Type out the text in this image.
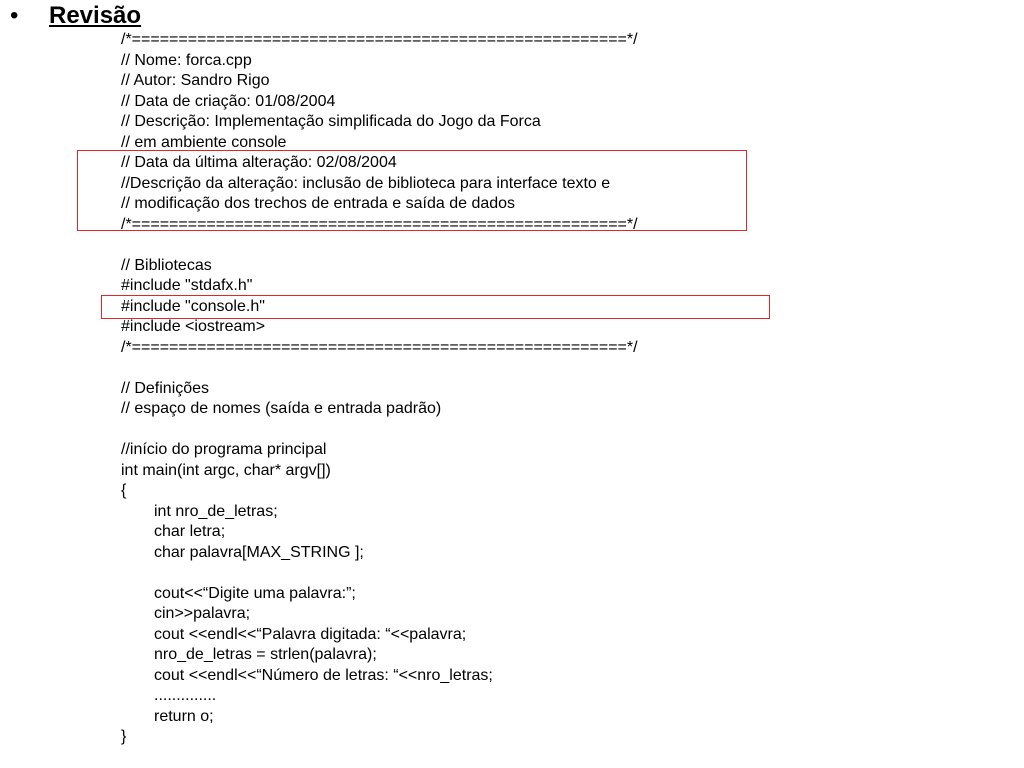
• Revisão
/*=====================================================*/
// Nome: forca.cpp
// Autor: Sandro Rigo
// Data de criação: 01/08/2004
// Descrição: Implementação simplificada do Jogo da Forca
// em ambiente console
// Data da última alteração: 02/08/2004
//Descrição da alteração: inclusão de biblioteca para interface texto e
// modificação dos trechos de entrada e saída de dados
/*=====================================================*/
// Bibliotecas
#include "stdafx.h"
#include "console.h"
#include <iostream>
/*=====================================================*/
// Definições
// espaço de nomes (saída e entrada padrão)
//início do programa principal
int main(int argc, char* argv[])
{
int nro_de_letras;
char letra;
char palavra[MAX_STRING ];
cout<<“Digite uma palavra:”;
cin>>palavra;
cout <<endl<<“Palavra digitada: “<<palavra;
nro_de_letras = strlen(palavra);
cout <<endl<<“Número de letras: “<<nro_letras;
..............
return o;
}
